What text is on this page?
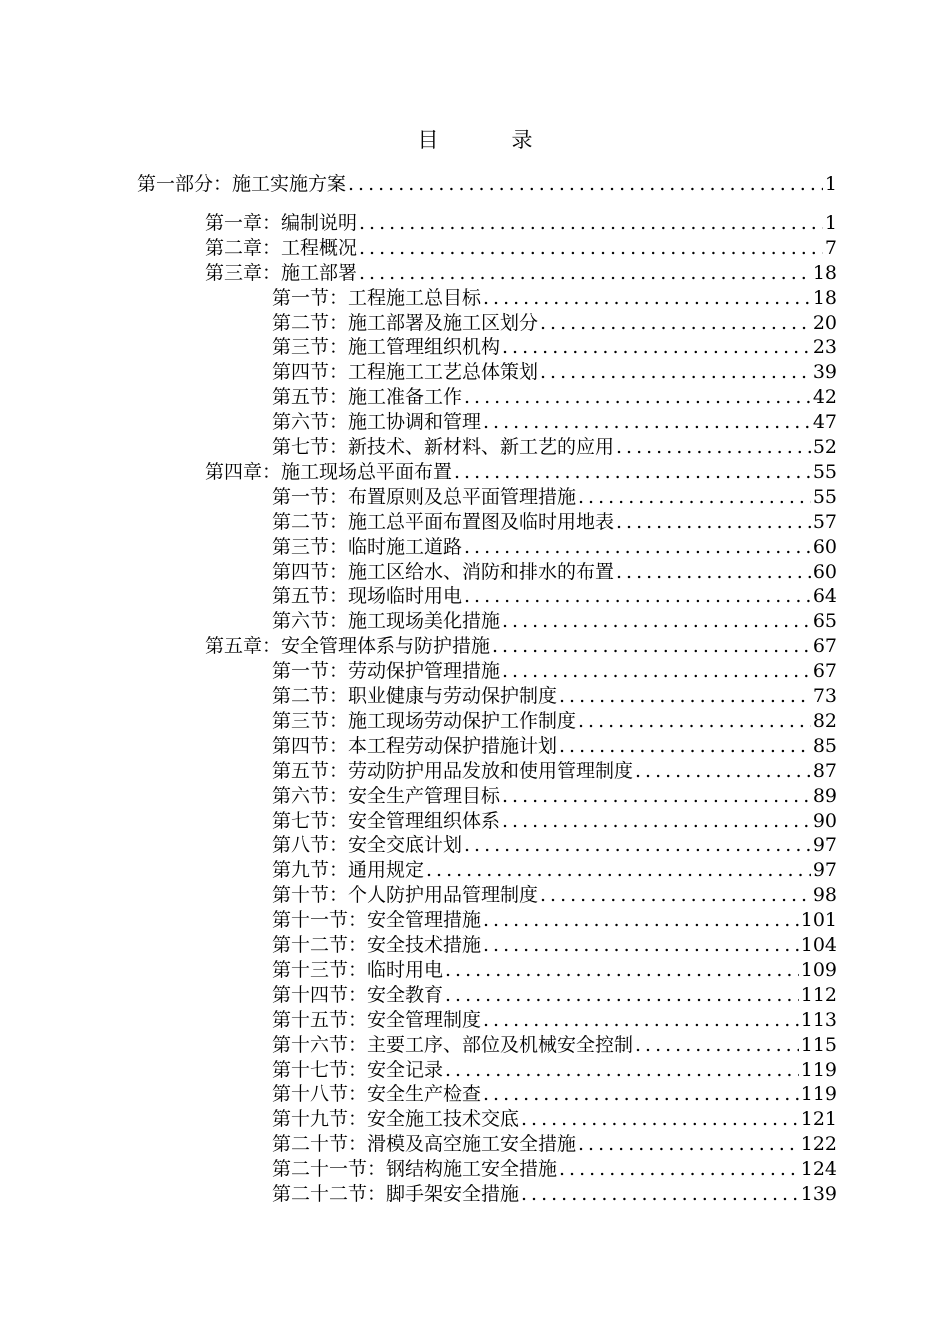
目　录
第一部分：施工实施方案 .....	1
第一章：编制说明 .....	1
第二章：工程概况 .....	7
第三章：施工部署 .....	18
第一节：工程施工总目标 .....	18
第二节：施工部署及施工区划分 .....	20
第三节：施工管理组织机构 .....	23
第四节：工程施工工艺总体策划 .....	39
第五节：施工准备工作 .....	42
第六节：施工协调和管理 .....	47
第七节：新技术、新材料、新工艺的应用 .....	52
第四章：施工现场总平面布置 .....	55
第一节：布置原则及总平面管理措施 .....	55
第二节：施工总平面布置图及临时用地表 .....	57
第三节：临时施工道路 .....	60
第四节：施工区给水、消防和排水的布置 .....	60
第五节：现场临时用电 .....	64
第六节：施工现场美化措施 .....	65
第五章：安全管理体系与防护措施 .....	67
第一节：劳动保护管理措施 .....	67
第二节：职业健康与劳动保护制度 .....	73
第三节：施工现场劳动保护工作制度 .....	82
第四节：本工程劳动保护措施计划 .....	85
第五节：劳动防护用品发放和使用管理制度 .....	87
第六节：安全生产管理目标 .....	89
第七节：安全管理组织体系 .....	90
第八节：安全交底计划 .....	97
第九节：通用规定 .....	97
第十节：个人防护用品管理制度 .....	98
第十一节：安全管理措施 .....	101
第十二节：安全技术措施 .....	104
第十三节：临时用电 .....	109
第十四节：安全教育 .....	112
第十五节：安全管理制度 .....	113
第十六节：主要工序、部位及机械安全控制 .....	115
第十七节：安全记录 .....	119
第十八节：安全生产检查 .....	119
第十九节：安全施工技术交底 .....	121
第二十节：滑模及高空施工安全措施 .....	122
第二十一节：钢结构施工安全措施 .....	124
第二十二节：脚手架安全措施 .....	139
